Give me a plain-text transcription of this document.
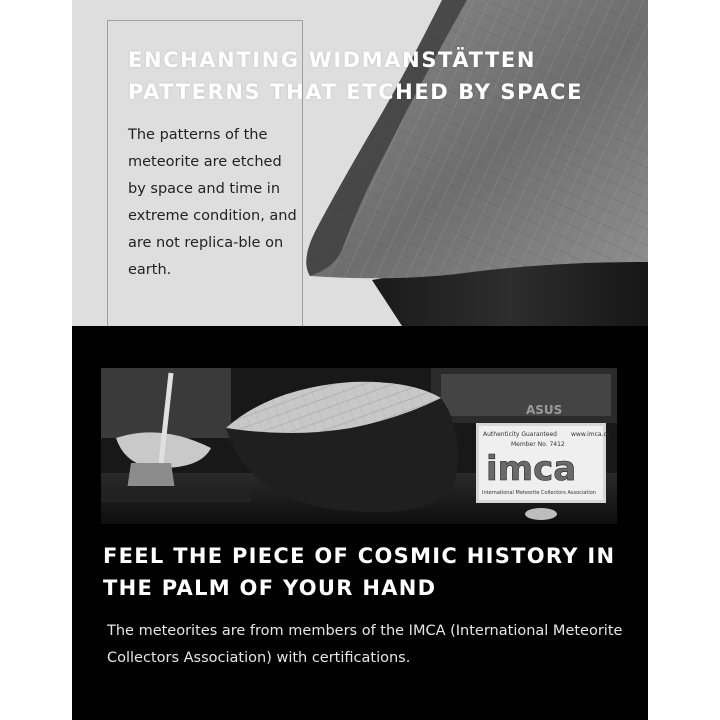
ENCHANTING WIDMANSTÄTTEN PATTERNS THAT ETCHED BY SPACE

The patterns of the meteorite are etched by space and time in extreme condition, and are not replica-ble on earth.

Authenticity Guaranteed www.imca.cc
Member No. 7412
imca
International Meteorite Collectors Association
ASUS
FEEL THE PIECE OF COSMIC HISTORY IN THE PALM OF YOUR HAND

The meteorites are from members of the IMCA (International Meteorite Collectors Association) with certifications.
